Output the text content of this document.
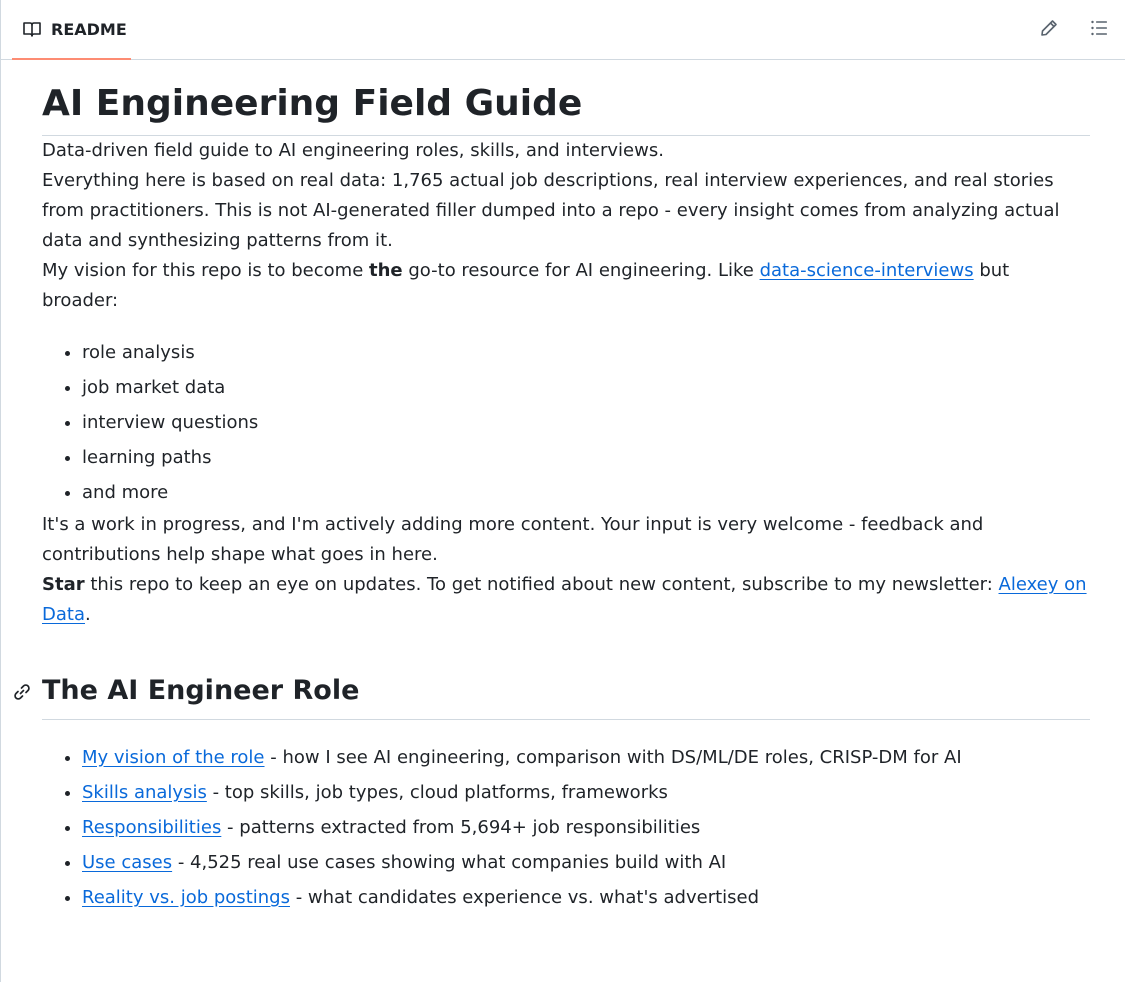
README
AI Engineering Field Guide

Data-driven field guide to AI engineering roles, skills, and interviews.

Everything here is based on real data: 1,765 actual job descriptions, real interview experiences, and real stories from practitioners. This is not AI-generated filler dumped into a repo - every insight comes from analyzing actual data and synthesizing patterns from it.

My vision for this repo is to become the go-to resource for AI engineering. Like data-science-interviews but broader:

• role analysis
• job market data
• interview questions
• learning paths
• and more

It's a work in progress, and I'm actively adding more content. Your input is very welcome - feedback and contributions help shape what goes in here.

Star this repo to keep an eye on updates. To get notified about new content, subscribe to my newsletter: Alexey on Data.

The AI Engineer Role
• My vision of the role - how I see AI engineering, comparison with DS/ML/DE roles, CRISP-DM for AI
• Skills analysis - top skills, job types, cloud platforms, frameworks
• Responsibilities - patterns extracted from 5,694+ job responsibilities
• Use cases - 4,525 real use cases showing what companies build with AI
• Reality vs. job postings - what candidates experience vs. what's advertised
